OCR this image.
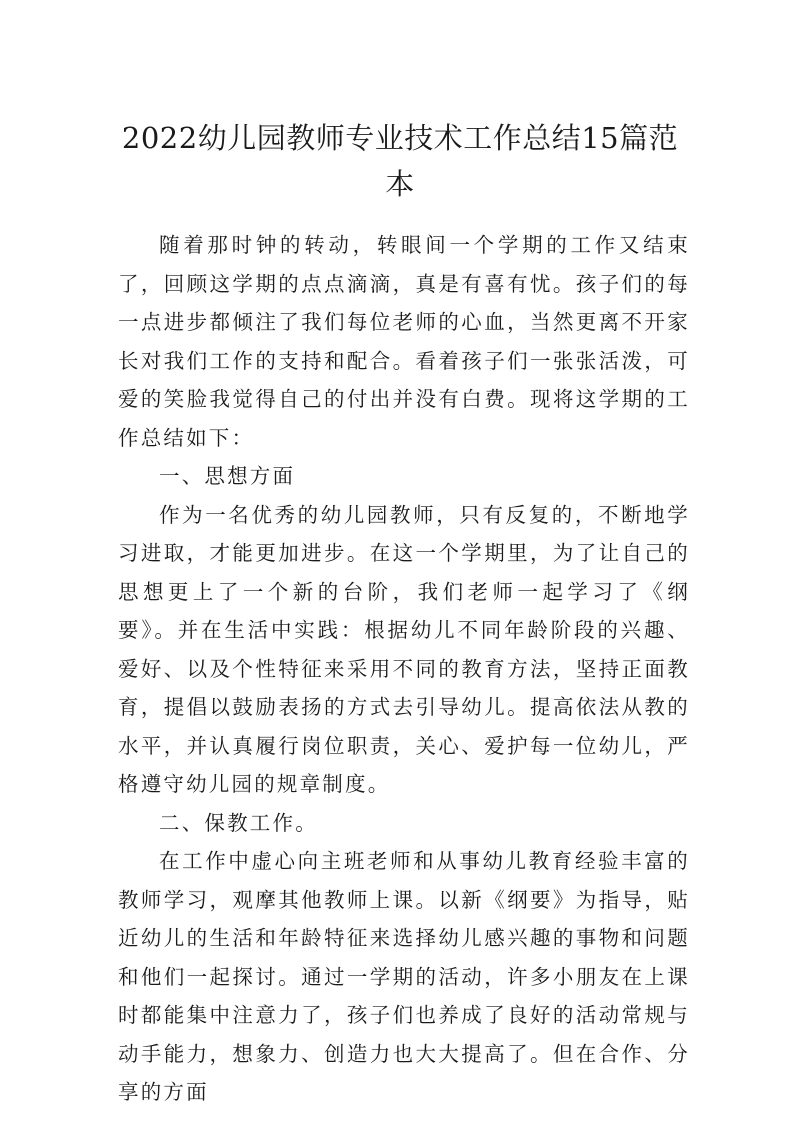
2022幼儿园教师专业技术工作总结15篇范本

随着那时钟的转动，转眼间一个学期的工作又结束了，回顾这学期的点点滴滴，真是有喜有忧。孩子们的每一点进步都倾注了我们每位老师的心血，当然更离不开家长对我们工作的支持和配合。看着孩子们一张张活泼，可爱的笑脸我觉得自己的付出并没有白费。现将这学期的工作总结如下：

一、思想方面

作为一名优秀的幼儿园教师，只有反复的，不断地学习进取，才能更加进步。在这一个学期里，为了让自己的思想更上了一个新的台阶，我们老师一起学习了《纲要》。并在生活中实践：根据幼儿不同年龄阶段的兴趣、爱好、以及个性特征来采用不同的教育方法，坚持正面教育，提倡以鼓励表扬的方式去引导幼儿。提高依法从教的水平，并认真履行岗位职责，关心、爱护每一位幼儿，严格遵守幼儿园的规章制度。

二、保教工作。

在工作中虚心向主班老师和从事幼儿教育经验丰富的教师学习，观摩其他教师上课。以新《纲要》为指导，贴近幼儿的生活和年龄特征来选择幼儿感兴趣的事物和问题和他们一起探讨。通过一学期的活动，许多小朋友在上课时都能集中注意力了，孩子们也养成了良好的活动常规与动手能力，想象力、创造力也大大提高了。但在合作、分享的方面
